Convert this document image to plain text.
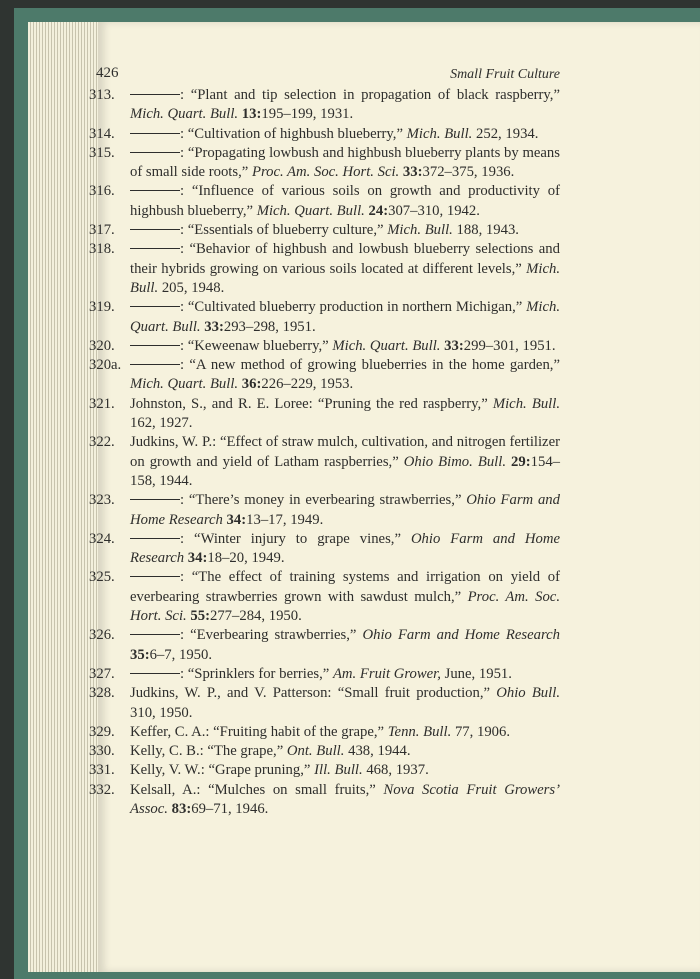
426	Small Fruit Culture
313.	: “Plant and tip selection in propagation of black raspberry,” Mich. Quart. Bull. 13:195–199, 1931.
314.	: “Cultivation of highbush blueberry,” Mich. Bull. 252, 1934.
315.	: “Propagating lowbush and highbush blueberry plants by means of small side roots,” Proc. Am. Soc. Hort. Sci. 33:372–375, 1936.
316.	: “Influence of various soils on growth and productivity of highbush blueberry,” Mich. Quart. Bull. 24:307–310, 1942.
317.	: “Essentials of blueberry culture,” Mich. Bull. 188, 1943.
318.	: “Behavior of highbush and lowbush blueberry selections and their hybrids growing on various soils located at different levels,” Mich. Bull. 205, 1948.
319.	: “Cultivated blueberry production in northern Michigan,” Mich. Quart. Bull. 33:293–298, 1951.
320.	: “Keweenaw blueberry,” Mich. Quart. Bull. 33:299–301, 1951.
320a.	: “A new method of growing blueberries in the home garden,” Mich. Quart. Bull. 36:226–229, 1953.
321. Johnston, S., and R. E. Loree: “Pruning the red raspberry,” Mich. Bull. 162, 1927.
322. Judkins, W. P.: “Effect of straw mulch, cultivation, and nitrogen fertilizer on growth and yield of Latham raspberries,” Ohio Bimo. Bull. 29:154–158, 1944.
323.	: “There’s money in everbearing strawberries,” Ohio Farm and Home Research 34:13–17, 1949.
324.	: “Winter injury to grape vines,” Ohio Farm and Home Research 34:18–20, 1949.
325.	: “The effect of training systems and irrigation on yield of everbearing strawberries grown with sawdust mulch,” Proc. Am. Soc. Hort. Sci. 55:277–284, 1950.
326.	: “Everbearing strawberries,” Ohio Farm and Home Research 35:6–7, 1950.
327.	: “Sprinklers for berries,” Am. Fruit Grower, June, 1951.
328. Judkins, W. P., and V. Patterson: “Small fruit production,” Ohio Bull. 310, 1950.
329. Keffer, C. A.: “Fruiting habit of the grape,” Tenn. Bull. 77, 1906.
330. Kelly, C. B.: “The grape,” Ont. Bull. 438, 1944.
331. Kelly, V. W.: “Grape pruning,” Ill. Bull. 468, 1937.
332. Kelsall, A.: “Mulches on small fruits,” Nova Scotia Fruit Growers’ Assoc. 83:69–71, 1946.
